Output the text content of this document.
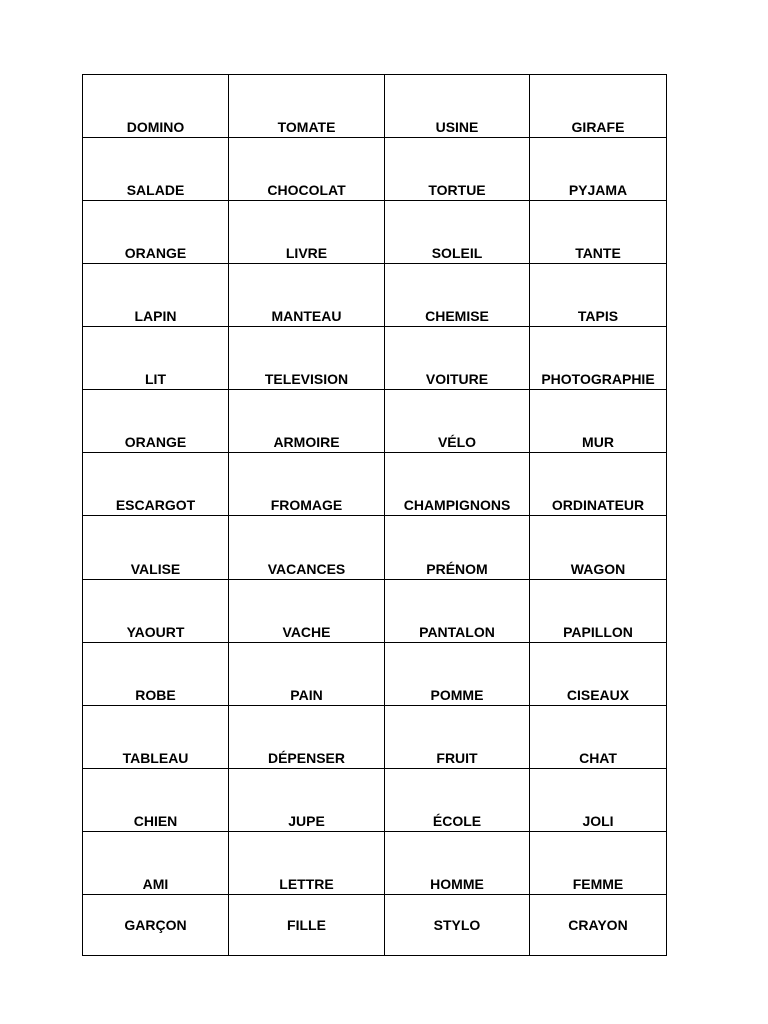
DOMINO	TOMATE	USINE	GIRAFE

SALADE	CHOCOLAT	TORTUE	PYJAMA

ORANGE	LIVRE	SOLEIL	TANTE

LAPIN	MANTEAU	CHEMISE	TAPIS

LIT	TELEVISION	VOITURE	PHOTOGRAPHIE

ORANGE	ARMOIRE	VÉLO	MUR

ESCARGOT	FROMAGE	CHAMPIGNONS	ORDINATEUR

VALISE	VACANCES	PRÉNOM	WAGON

YAOURT	VACHE	PANTALON	PAPILLON

ROBE	PAIN	POMME	CISEAUX

TABLEAU	DÉPENSER	FRUIT	CHAT

CHIEN	JUPE	ÉCOLE	JOLI

AMI	LETTRE	HOMME	FEMME

GARÇON	FILLE	STYLO	CRAYON
